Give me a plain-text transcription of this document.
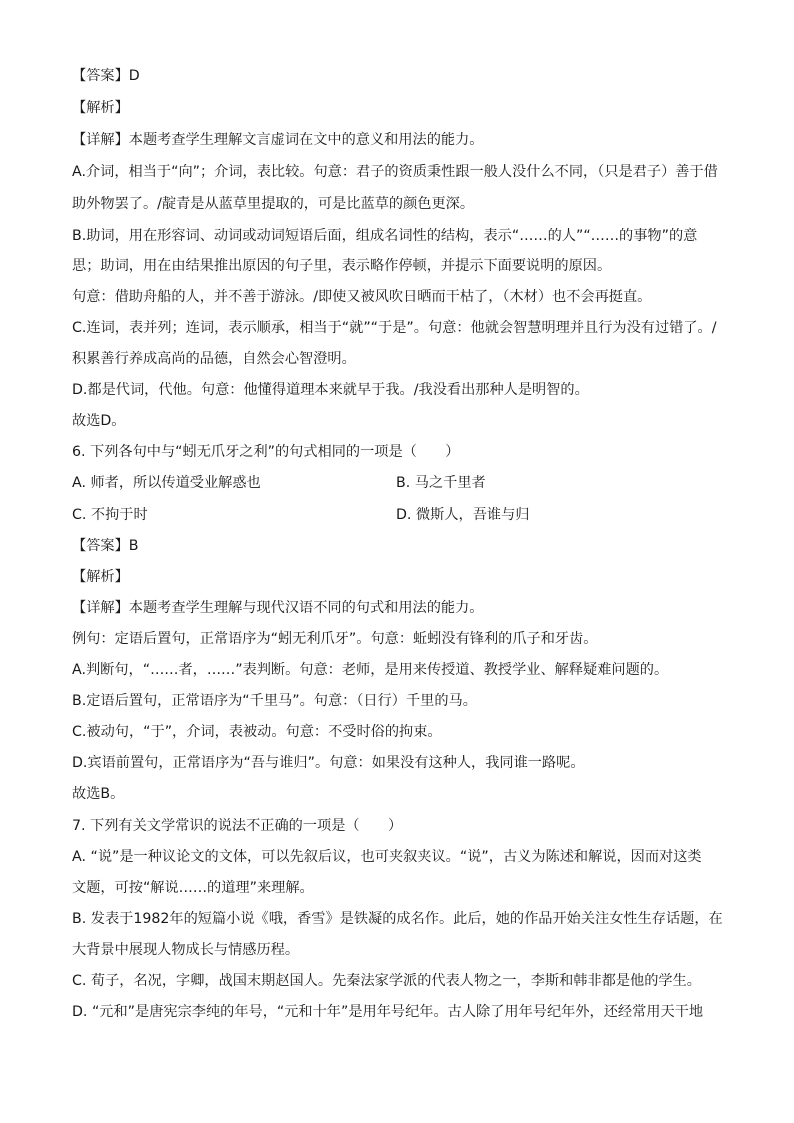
【答案】D
【解析】
【详解】本题考查学生理解文言虚词在文中的意义和用法的能力。
A.介词，相当于“向”；介词，表比较。句意：君子的资质秉性跟一般人没什么不同，（只是君子）善于借
助外物罢了。/靛青是从蓝草里提取的，可是比蓝草的颜色更深。
B.助词，用在形容词、动词或动词短语后面，组成名词性的结构，表示“……的人”“……的事物”的意
思；助词，用在由结果推出原因的句子里，表示略作停顿，并提示下面要说明的原因。
句意：借助舟船的人，并不善于游泳。/即使又被风吹日晒而干枯了，（木材）也不会再挺直。
C.连词，表并列；连词，表示顺承，相当于“就”“于是”。句意：他就会智慧明理并且行为没有过错了。/
积累善行养成高尚的品德，自然会心智澄明。
D.都是代词，代他。句意：他懂得道理本来就早于我。/我没看出那种人是明智的。
故选D。
6. 下列各句中与“蚓无爪牙之利”的句式相同的一项是（　　）
A. 师者，所以传道受业解惑也	B. 马之千里者
C. 不拘于时	D. 微斯人，吾谁与归
【答案】B
【解析】
【详解】本题考查学生理解与现代汉语不同的句式和用法的能力。
例句：定语后置句，正常语序为“蚓无利爪牙”。句意：蚯蚓没有锋利的爪子和牙齿。
A.判断句，“……者，……”表判断。句意：老师，是用来传授道、教授学业、解释疑难问题的。
B.定语后置句，正常语序为“千里马”。句意：（日行）千里的马。
C.被动句，“于”，介词，表被动。句意：不受时俗的拘束。
D.宾语前置句，正常语序为“吾与谁归”。句意：如果没有这种人，我同谁一路呢。
故选B。
7. 下列有关文学常识的说法不正确的一项是（　　）
A. “说”是一种议论文的文体，可以先叙后议，也可夹叙夹议。“说”，古义为陈述和解说，因而对这类
文题，可按“解说……的道理”来理解。
B. 发表于1982年的短篇小说《哦，香雪》是铁凝的成名作。此后，她的作品开始关注女性生存话题，在
大背景中展现人物成长与情感历程。
C. 荀子，名况，字卿，战国末期赵国人。先秦法家学派的代表人物之一，李斯和韩非都是他的学生。
D. “元和”是唐宪宗李纯的年号，“元和十年”是用年号纪年。古人除了用年号纪年外，还经常用天干地
